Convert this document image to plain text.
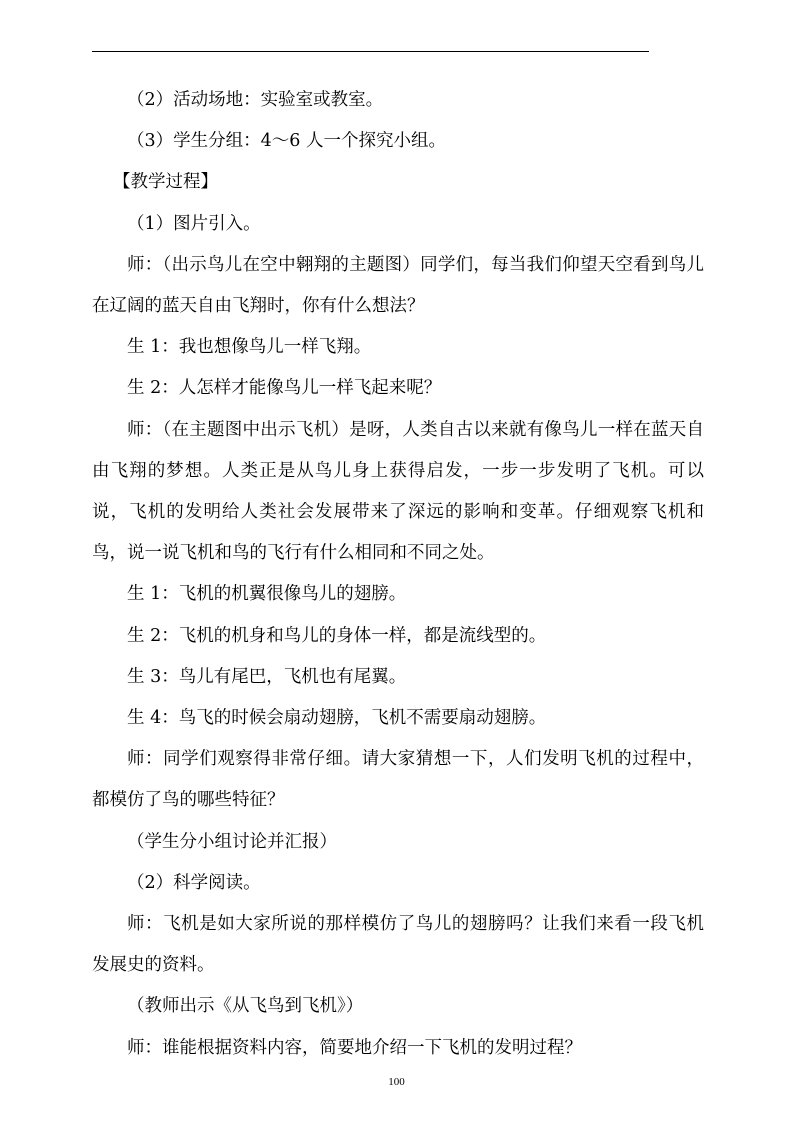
（2）活动场地：实验室或教室。

（3）学生分组：4～6 人一个探究小组。

【教学过程】

（1）图片引入。

师：（出示鸟儿在空中翱翔的主题图）同学们，每当我们仰望天空看到鸟儿在辽阔的蓝天自由飞翔时，你有什么想法？

生 1：我也想像鸟儿一样飞翔。

生 2：人怎样才能像鸟儿一样飞起来呢？

师：（在主题图中出示飞机）是呀，人类自古以来就有像鸟儿一样在蓝天自由飞翔的梦想。人类正是从鸟儿身上获得启发，一步一步发明了飞机。可以说，飞机的发明给人类社会发展带来了深远的影响和变革。仔细观察飞机和鸟，说一说飞机和鸟的飞行有什么相同和不同之处。

生 1：飞机的机翼很像鸟儿的翅膀。

生 2：飞机的机身和鸟儿的身体一样，都是流线型的。

生 3：鸟儿有尾巴，飞机也有尾翼。

生 4：鸟飞的时候会扇动翅膀，飞机不需要扇动翅膀。

师：同学们观察得非常仔细。请大家猜想一下，人们发明飞机的过程中，都模仿了鸟的哪些特征？

（学生分小组讨论并汇报）

（2）科学阅读。

师：飞机是如大家所说的那样模仿了鸟儿的翅膀吗？让我们来看一段飞机发展史的资料。

（教师出示《从飞鸟到飞机》）

师：谁能根据资料内容，简要地介绍一下飞机的发明过程？

100
